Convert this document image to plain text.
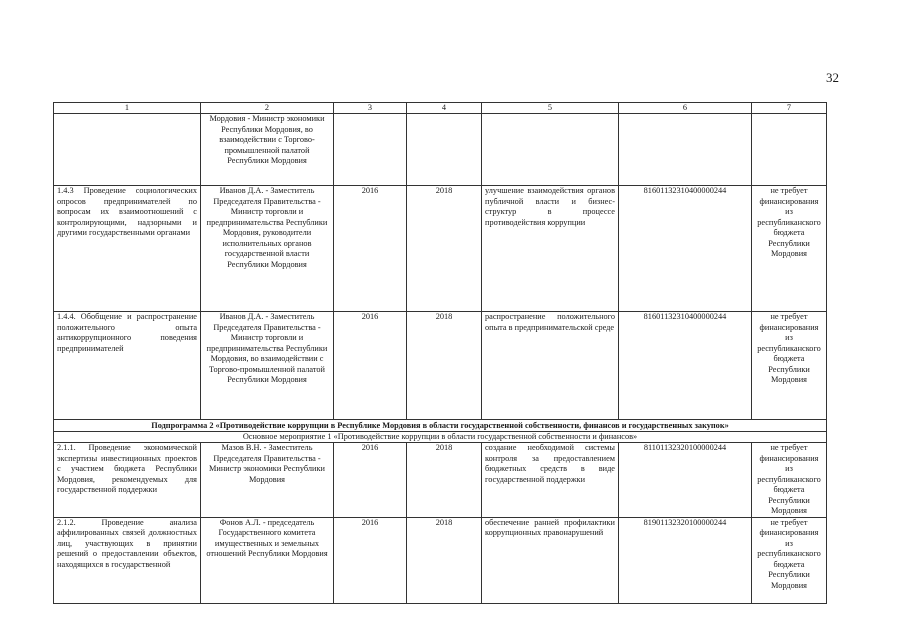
32
1	2	3	4	5	6	7
	Мордовия - Министр экономики Республики Мордовия, во взаимодействии с Торгово-промышленной палатой Республики Мордовия					
1.4.3 Проведение социологических опросов предпринимателей по вопросам их взаимоотношений с контролирующими, надзорными и другими государственными органами	Иванов Д.А. - Заместитель Председателя Правительства - Министр торговли и предпринимательства Республики Мордовия, руководители исполнительных органов государственной власти Республики Мордовия	2016	2018	улучшение взаимодействия органов публичной власти и бизнес-структур в процессе противодействия коррупции	81601132310400000244	не требует финансирования из республиканского бюджета Республики Мордовия
1.4.4. Обобщение и распространение положительного опыта антикоррупционного поведения предпринимателей	Иванов Д.А. - Заместитель Председателя Правительства - Министр торговли и предпринимательства Республики Мордовия, во взаимодействии с Торгово-промышленной палатой Республики Мордовия	2016	2018	распространение положительного опыта в предпринимательской среде	81601132310400000244	не требует финансирования из республиканского бюджета Республики Мордовия
Подпрограмма 2 «Противодействие коррупции в Республике Мордовия в области государственной собственности, финансов и государственных закупок»						
Основное мероприятие 1 «Противодействие коррупции в области государственной собственности и финансов»						
2.1.1. Проведение экономической экспертизы инвестиционных проектов с участием бюджета Республики Мордовия, рекомендуемых для государственной поддержки	Мазов В.Н. - Заместитель Председателя Правительства - Министр экономики Республики Мордовия	2016	2018	создание необходимой системы контроля за предоставлением бюджетных средств в виде государственной поддержки	81101132320100000244	не требует финансирования из республиканского бюджета Республики Мордовия
2.1.2. Проведение анализа аффилированных связей должностных лиц, участвующих в принятии решений о предоставлении объектов, находящихся в государственной	Фонов А.Л. - председатель Государственного комитета имущественных и земельных отношений Республики Мордовия	2016	2018	обеспечение ранней профилактики коррупционных правонарушений	81901132320100000244	не требует финансирования из республиканского бюджета Республики Мордовия
